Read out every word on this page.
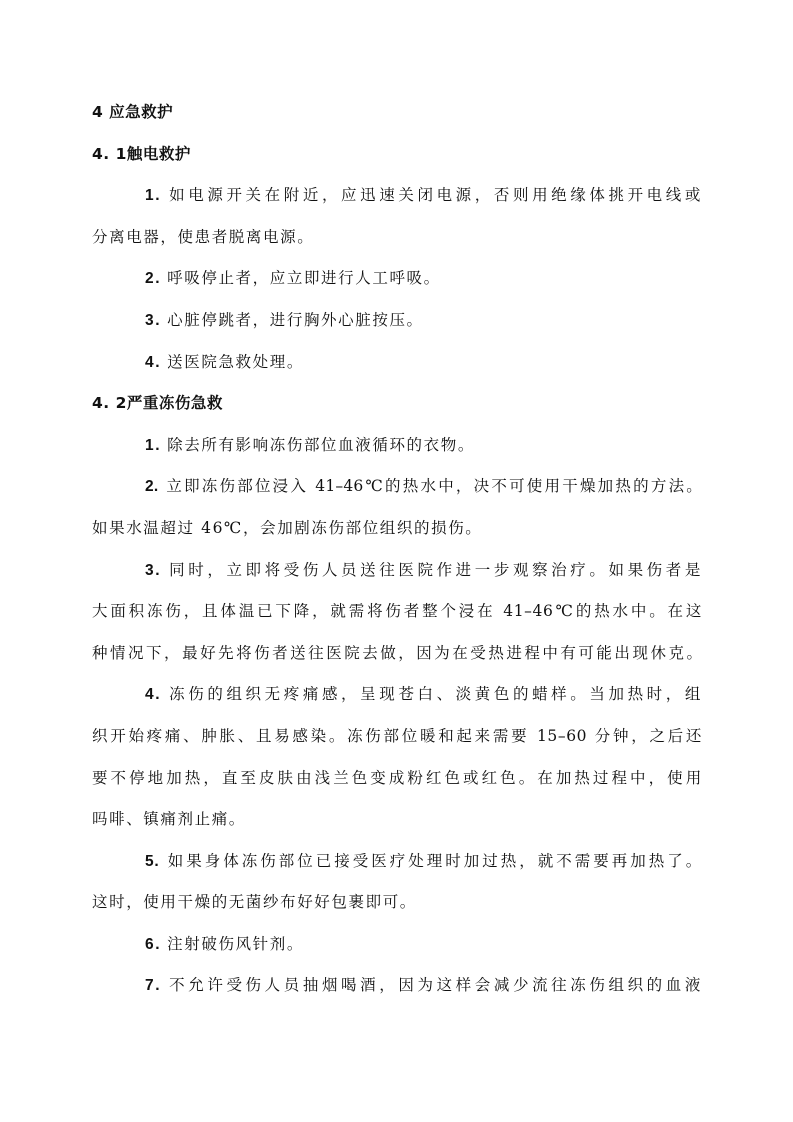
4 应急救护
4. 1触电救护
1. 如电源开关在附近，应迅速关闭电源，否则用绝缘体挑开电线或
分离电器，使患者脱离电源。
2. 呼吸停止者，应立即进行人工呼吸。
3. 心脏停跳者，进行胸外心脏按压。
4. 送医院急救处理。
4. 2严重冻伤急救
1. 除去所有影响冻伤部位血液循环的衣物。
2. 立即冻伤部位浸入 41–46℃的热水中，决不可使用干燥加热的方法。
如果水温超过 46℃，会加剧冻伤部位组织的损伤。
3. 同时，立即将受伤人员送往医院作进一步观察治疗。如果伤者是
大面积冻伤，且体温已下降，就需将伤者整个浸在 41–46℃的热水中。在这
种情况下，最好先将伤者送往医院去做，因为在受热进程中有可能出现休克。
4. 冻伤的组织无疼痛感，呈现苍白、淡黄色的蜡样。当加热时，组
织开始疼痛、肿胀、且易感染。冻伤部位暖和起来需要 15–60 分钟，之后还
要不停地加热，直至皮肤由浅兰色变成粉红色或红色。在加热过程中，使用
吗啡、镇痛剂止痛。
5. 如果身体冻伤部位已接受医疗处理时加过热，就不需要再加热了。
这时，使用干燥的无菌纱布好好包裹即可。
6. 注射破伤风针剂。
7. 不允许受伤人员抽烟喝酒，因为这样会减少流往冻伤组织的血液
